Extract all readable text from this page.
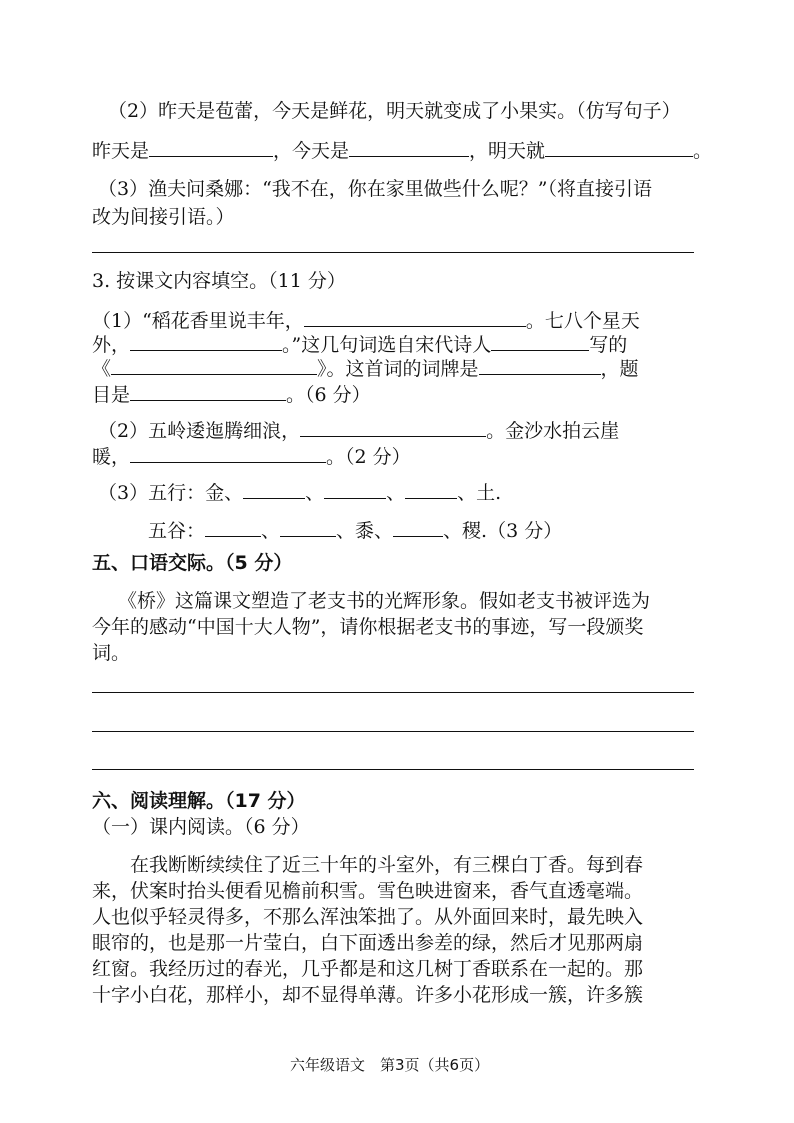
（2）昨天是苞蕾，今天是鲜花，明天就变成了小果实。（仿写句子）
昨天是	，今天是	，明天就	。
（3）渔夫问桑娜：“我不在，你在家里做些什么呢？”（将直接引语
改为间接引语。）
3. 按课文内容填空。（11 分）
（1）“稻花香里说丰年，	。七八个星天
外，	。”这几句词选自宋代诗人	写的
《	》。这首词的词牌是	，题
目是	。（6 分）
（2）五岭逶迤腾细浪，	。金沙水拍云崖
暖，	。（2 分）
（3）五行：金、	、	、	、土.
五谷：	、	、黍、	、稷.（3 分）
五、口语交际。（5 分）
《桥》这篇课文塑造了老支书的光辉形象。假如老支书被评选为
今年的感动“中国十大人物”，请你根据老支书的事迹，写一段颁奖
词。
六、阅读理解。（17 分）
（一）课内阅读。（6 分）
在我断断续续住了近三十年的斗室外，有三棵白丁香。每到春
来，伏案时抬头便看见檐前积雪。雪色映进窗来，香气直透毫端。
人也似乎轻灵得多，不那么浑浊笨拙了。从外面回来时，最先映入
眼帘的，也是那一片莹白，白下面透出参差的绿，然后才见那两扇
红窗。我经历过的春光，几乎都是和这几树丁香联系在一起的。那
十字小白花，那样小，却不显得单薄。许多小花形成一簇，许多簇
六年级语文　第3页（共6页）
